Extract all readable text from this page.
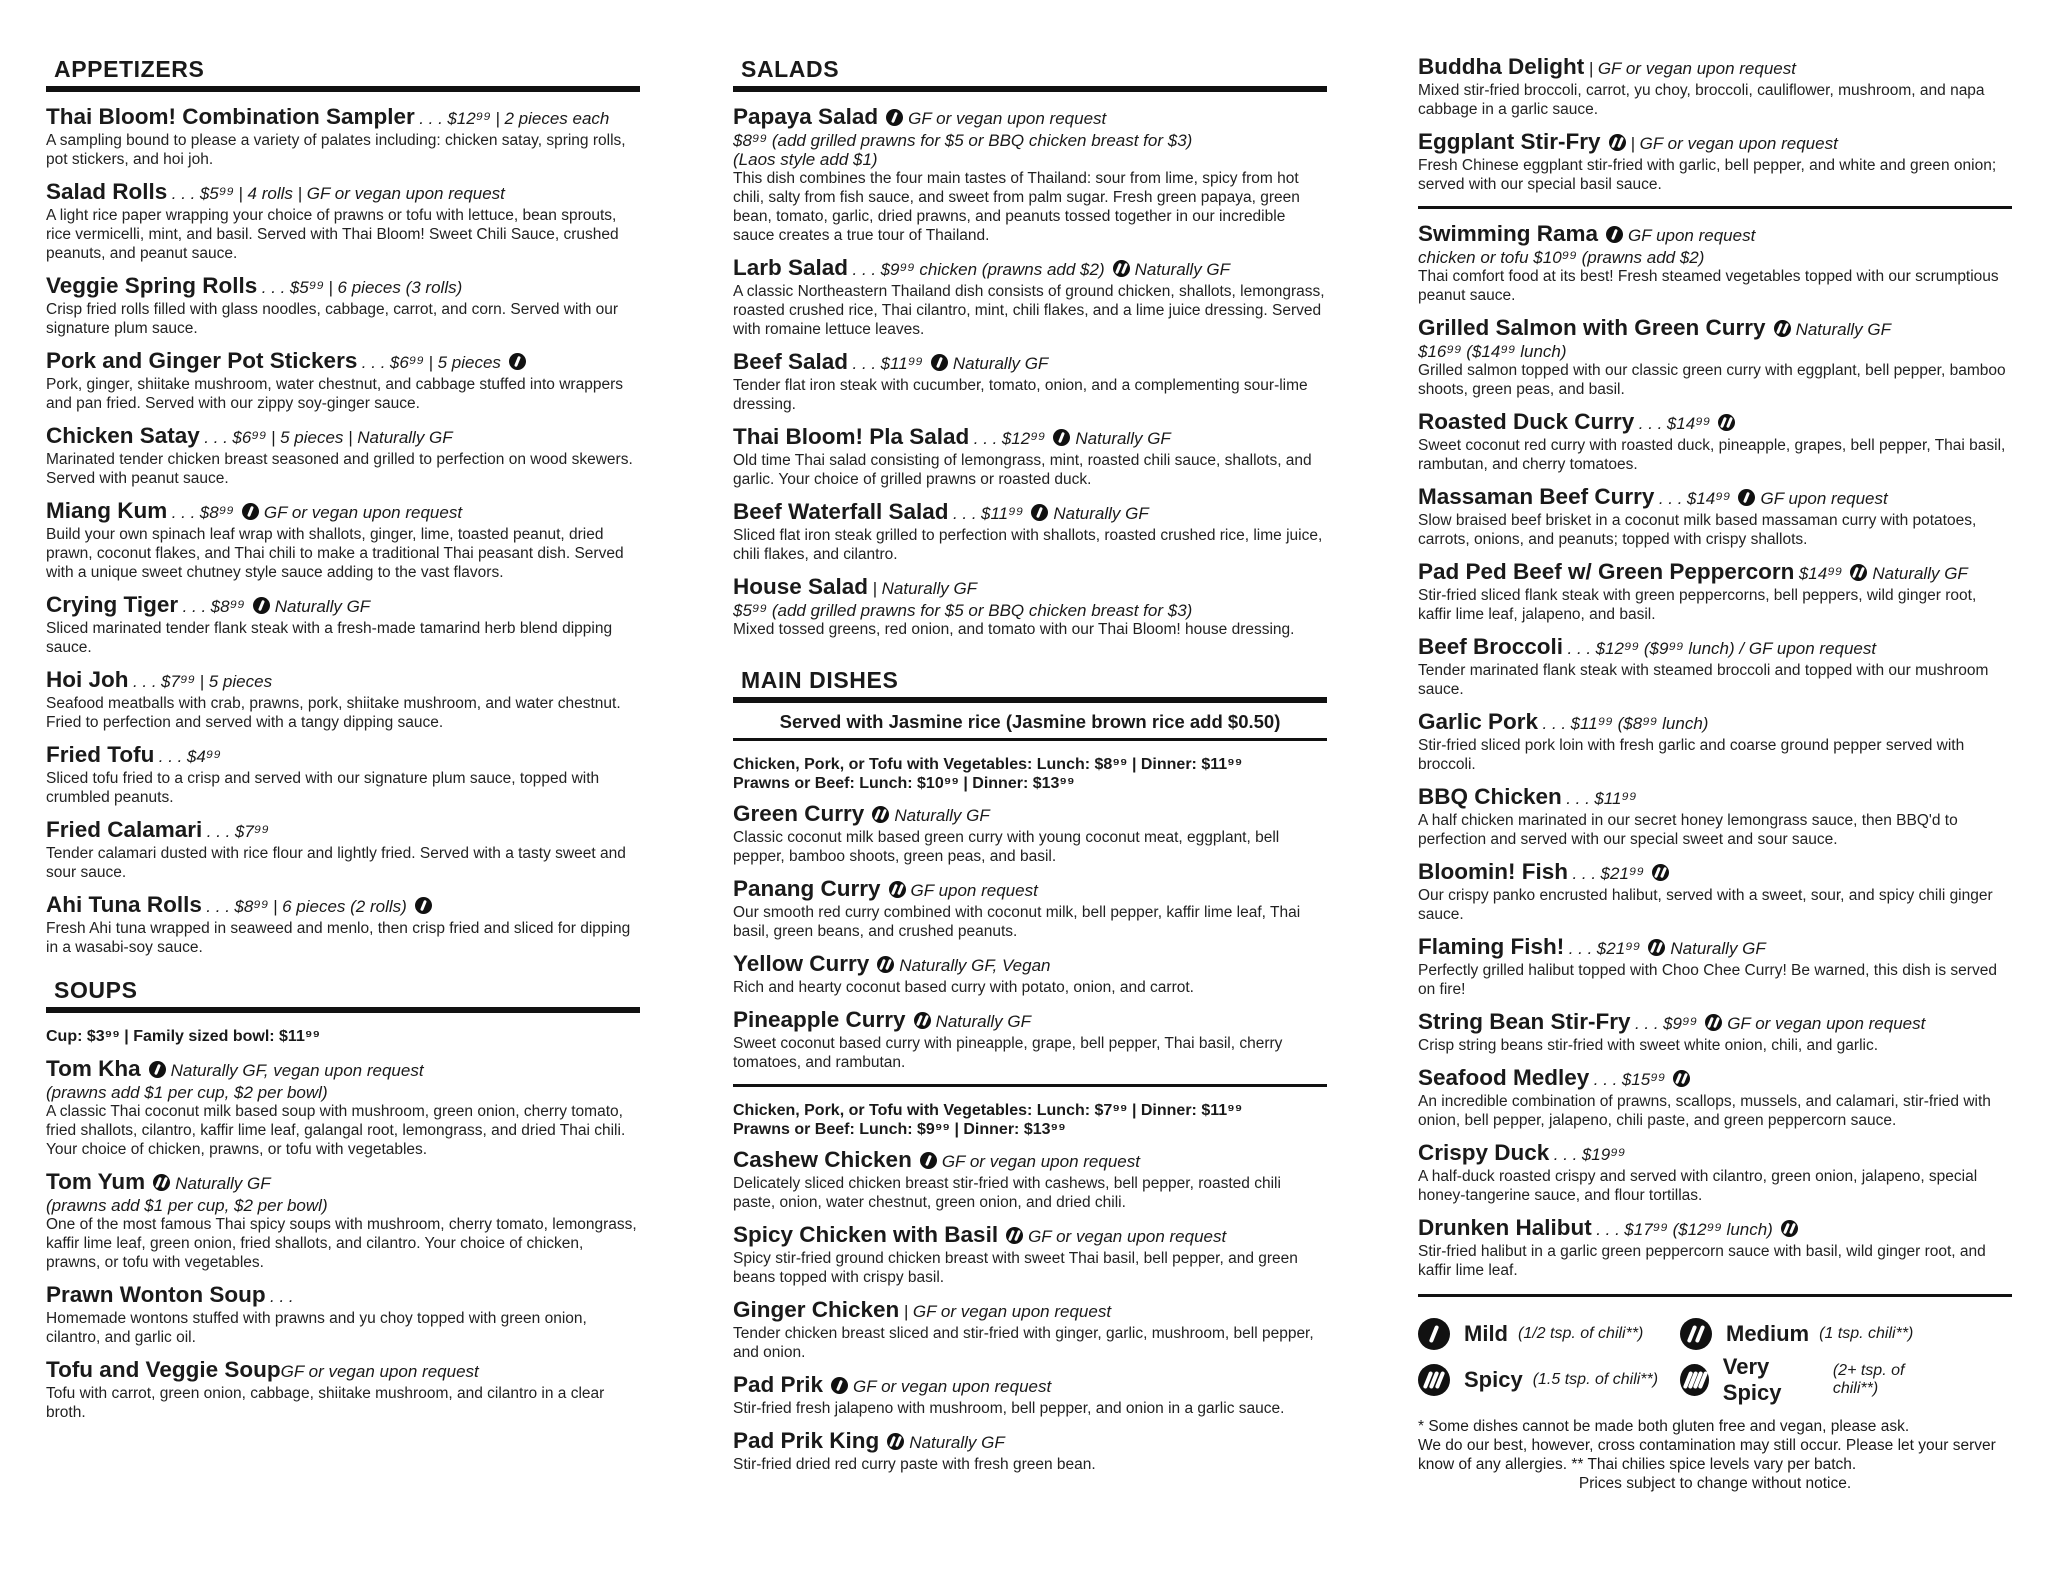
APPETIZERS
Thai Bloom! Combination Sampler . . . $12⁹⁹ | 2 pieces each
A sampling bound to please a variety of palates including: chicken satay, spring rolls, pot stickers, and hoi joh.
Salad Rolls . . . $5⁹⁹ | 4 rolls | GF or vegan upon request
A light rice paper wrapping your choice of prawns or tofu with lettuce, bean sprouts, rice vermicelli, mint, and basil. Served with Thai Bloom! Sweet Chili Sauce, crushed peanuts, and peanut sauce.
Veggie Spring Rolls . . . $5⁹⁹ | 6 pieces (3 rolls)
Crisp fried rolls filled with glass noodles, cabbage, carrot, and corn. Served with our signature plum sauce.
Pork and Ginger Pot Stickers . . . $6⁹⁹ | 5 pieces
Pork, ginger, shiitake mushroom, water chestnut, and cabbage stuffed into wrappers and pan fried. Served with our zippy soy-ginger sauce.
Chicken Satay . . . $6⁹⁹ | 5 pieces | Naturally GF
Marinated tender chicken breast seasoned and grilled to perfection on wood skewers. Served with peanut sauce.
Miang Kum . . . $8⁹⁹ GF or vegan upon request
Build your own spinach leaf wrap with shallots, ginger, lime, toasted peanut, dried prawn, coconut flakes, and Thai chili to make a traditional Thai peasant dish. Served with a unique sweet chutney style sauce adding to the vast flavors.
Crying Tiger . . . $8⁹⁹ Naturally GF
Sliced marinated tender flank steak with a fresh-made tamarind herb blend dipping sauce.
Hoi Joh . . . $7⁹⁹ | 5 pieces
Seafood meatballs with crab, prawns, pork, shiitake mushroom, and water chestnut. Fried to perfection and served with a tangy dipping sauce.
Fried Tofu . . . $4⁹⁹
Sliced tofu fried to a crisp and served with our signature plum sauce, topped with crumbled peanuts.
Fried Calamari . . . $7⁹⁹
Tender calamari dusted with rice flour and lightly fried. Served with a tasty sweet and sour sauce.
Ahi Tuna Rolls . . . $8⁹⁹ | 6 pieces (2 rolls)
Fresh Ahi tuna wrapped in seaweed and menlo, then crisp fried and sliced for dipping in a wasabi-soy sauce.
SOUPS
Cup: $3⁹⁹ | Family sized bowl: $11⁹⁹
Tom Kha Naturally GF, vegan upon request
(prawns add $1 per cup, $2 per bowl)
A classic Thai coconut milk based soup with mushroom, green onion, cherry tomato, fried shallots, cilantro, kaffir lime leaf, galangal root, lemongrass, and dried Thai chili. Your choice of chicken, prawns, or tofu with vegetables.
Tom Yum Naturally GF
(prawns add $1 per cup, $2 per bowl)
One of the most famous Thai spicy soups with mushroom, cherry tomato, lemongrass, kaffir lime leaf, green onion, fried shallots, and cilantro. Your choice of chicken, prawns, or tofu with vegetables.
Prawn Wonton Soup . . .
Homemade wontons stuffed with prawns and yu choy topped with green onion, cilantro, and garlic oil.
Tofu and Veggie SoupGF or vegan upon request
Tofu with carrot, green onion, cabbage, shiitake mushroom, and cilantro in a clear broth.
SALADS
Papaya Salad GF or vegan upon request
$8⁹⁹ (add grilled prawns for $5 or BBQ chicken breast for $3)
(Laos style add $1)
This dish combines the four main tastes of Thailand: sour from lime, spicy from hot chili, salty from fish sauce, and sweet from palm sugar. Fresh green papaya, green bean, tomato, garlic, dried prawns, and peanuts tossed together in our incredible sauce creates a true tour of Thailand.
Larb Salad . . . $9⁹⁹ chicken (prawns add $2) Naturally GF
A classic Northeastern Thailand dish consists of ground chicken, shallots, lemongrass, roasted crushed rice, Thai cilantro, mint, chili flakes, and a lime juice dressing. Served with romaine lettuce leaves.
Beef Salad . . . $11⁹⁹ Naturally GF
Tender flat iron steak with cucumber, tomato, onion, and a complementing sour-lime dressing.
Thai Bloom! Pla Salad . . . $12⁹⁹ Naturally GF
Old time Thai salad consisting of lemongrass, mint, roasted chili sauce, shallots, and garlic. Your choice of grilled prawns or roasted duck.
Beef Waterfall Salad . . . $11⁹⁹ Naturally GF
Sliced flat iron steak grilled to perfection with shallots, roasted crushed rice, lime juice, chili flakes, and cilantro.
House Salad | Naturally GF
$5⁹⁹ (add grilled prawns for $5 or BBQ chicken breast for $3)
Mixed tossed greens, red onion, and tomato with our Thai Bloom! house dressing.
MAIN DISHES
Served with Jasmine rice (Jasmine brown rice add $0.50)
Chicken, Pork, or Tofu with Vegetables: Lunch: $8⁹⁹ | Dinner: $11⁹⁹
Prawns or Beef: Lunch: $10⁹⁹ | Dinner: $13⁹⁹
Green Curry Naturally GF
Classic coconut milk based green curry with young coconut meat, eggplant, bell pepper, bamboo shoots, green peas, and basil.
Panang Curry GF upon request
Our smooth red curry combined with coconut milk, bell pepper, kaffir lime leaf, Thai basil, green beans, and crushed peanuts.
Yellow Curry Naturally GF, Vegan
Rich and hearty coconut based curry with potato, onion, and carrot.
Pineapple Curry Naturally GF
Sweet coconut based curry with pineapple, grape, bell pepper, Thai basil, cherry tomatoes, and rambutan.
Chicken, Pork, or Tofu with Vegetables: Lunch: $7⁹⁹ | Dinner: $11⁹⁹
Prawns or Beef: Lunch: $9⁹⁹ | Dinner: $13⁹⁹
Cashew Chicken GF or vegan upon request
Delicately sliced chicken breast stir-fried with cashews, bell pepper, roasted chili paste, onion, water chestnut, green onion, and dried chili.
Spicy Chicken with Basil GF or vegan upon request
Spicy stir-fried ground chicken breast with sweet Thai basil, bell pepper, and green beans topped with crispy basil.
Ginger Chicken | GF or vegan upon request
Tender chicken breast sliced and stir-fried with ginger, garlic, mushroom, bell pepper, and onion.
Pad Prik GF or vegan upon request
Stir-fried fresh jalapeno with mushroom, bell pepper, and onion in a garlic sauce.
Pad Prik King Naturally GF
Stir-fried dried red curry paste with fresh green bean.
Buddha Delight | GF or vegan upon request
Mixed stir-fried broccoli, carrot, yu choy, broccoli, cauliflower, mushroom, and napa cabbage in a garlic sauce.
Eggplant Stir-Fry | GF or vegan upon request
Fresh Chinese eggplant stir-fried with garlic, bell pepper, and white and green onion; served with our special basil sauce.
Swimming Rama GF upon request
chicken or tofu $10⁹⁹ (prawns add $2)
Thai comfort food at its best! Fresh steamed vegetables topped with our scrumptious peanut sauce.
Grilled Salmon with Green Curry Naturally GF
$16⁹⁹ ($14⁹⁹ lunch)
Grilled salmon topped with our classic green curry with eggplant, bell pepper, bamboo shoots, green peas, and basil.
Roasted Duck Curry . . . $14⁹⁹
Sweet coconut red curry with roasted duck, pineapple, grapes, bell pepper, Thai basil, rambutan, and cherry tomatoes.
Massaman Beef Curry . . . $14⁹⁹ GF upon request
Slow braised beef brisket in a coconut milk based massaman curry with potatoes, carrots, onions, and peanuts; topped with crispy shallots.
Pad Ped Beef w/ Green Peppercorn $14⁹⁹ Naturally GF
Stir-fried sliced flank steak with green peppercorns, bell peppers, wild ginger root, kaffir lime leaf, jalapeno, and basil.
Beef Broccoli . . . $12⁹⁹ ($9⁹⁹ lunch) / GF upon request
Tender marinated flank steak with steamed broccoli and topped with our mushroom sauce.
Garlic Pork . . . $11⁹⁹ ($8⁹⁹ lunch)
Stir-fried sliced pork loin with fresh garlic and coarse ground pepper served with broccoli.
BBQ Chicken . . . $11⁹⁹
A half chicken marinated in our secret honey lemongrass sauce, then BBQ'd to perfection and served with our special sweet and sour sauce.
Bloomin! Fish . . . $21⁹⁹
Our crispy panko encrusted halibut, served with a sweet, sour, and spicy chili ginger sauce.
Flaming Fish! . . . $21⁹⁹ Naturally GF
Perfectly grilled halibut topped with Choo Chee Curry! Be warned, this dish is served on fire!
String Bean Stir-Fry . . . $9⁹⁹ GF or vegan upon request
Crisp string beans stir-fried with sweet white onion, chili, and garlic.
Seafood Medley . . . $15⁹⁹
An incredible combination of prawns, scallops, mussels, and calamari, stir-fried with onion, bell pepper, jalapeno, chili paste, and green peppercorn sauce.
Crispy Duck . . . $19⁹⁹
A half-duck roasted crispy and served with cilantro, green onion, jalapeno, special honey-tangerine sauce, and flour tortillas.
Drunken Halibut . . . $17⁹⁹ ($12⁹⁹ lunch)
Stir-fried halibut in a garlic green peppercorn sauce with basil, wild ginger root, and kaffir lime leaf.
Mild (1/2 tsp. of chili**)	Medium (1 tsp. chili**)
Spicy (1.5 tsp. of chili**)
Very Spicy
(2+ tsp. of chili**)
* Some dishes cannot be made both gluten free and vegan, please ask.
We do our best, however, cross contamination may still occur. Please let your server know of any allergies. ** Thai chilies spice levels vary per batch.
Prices subject to change without notice.
